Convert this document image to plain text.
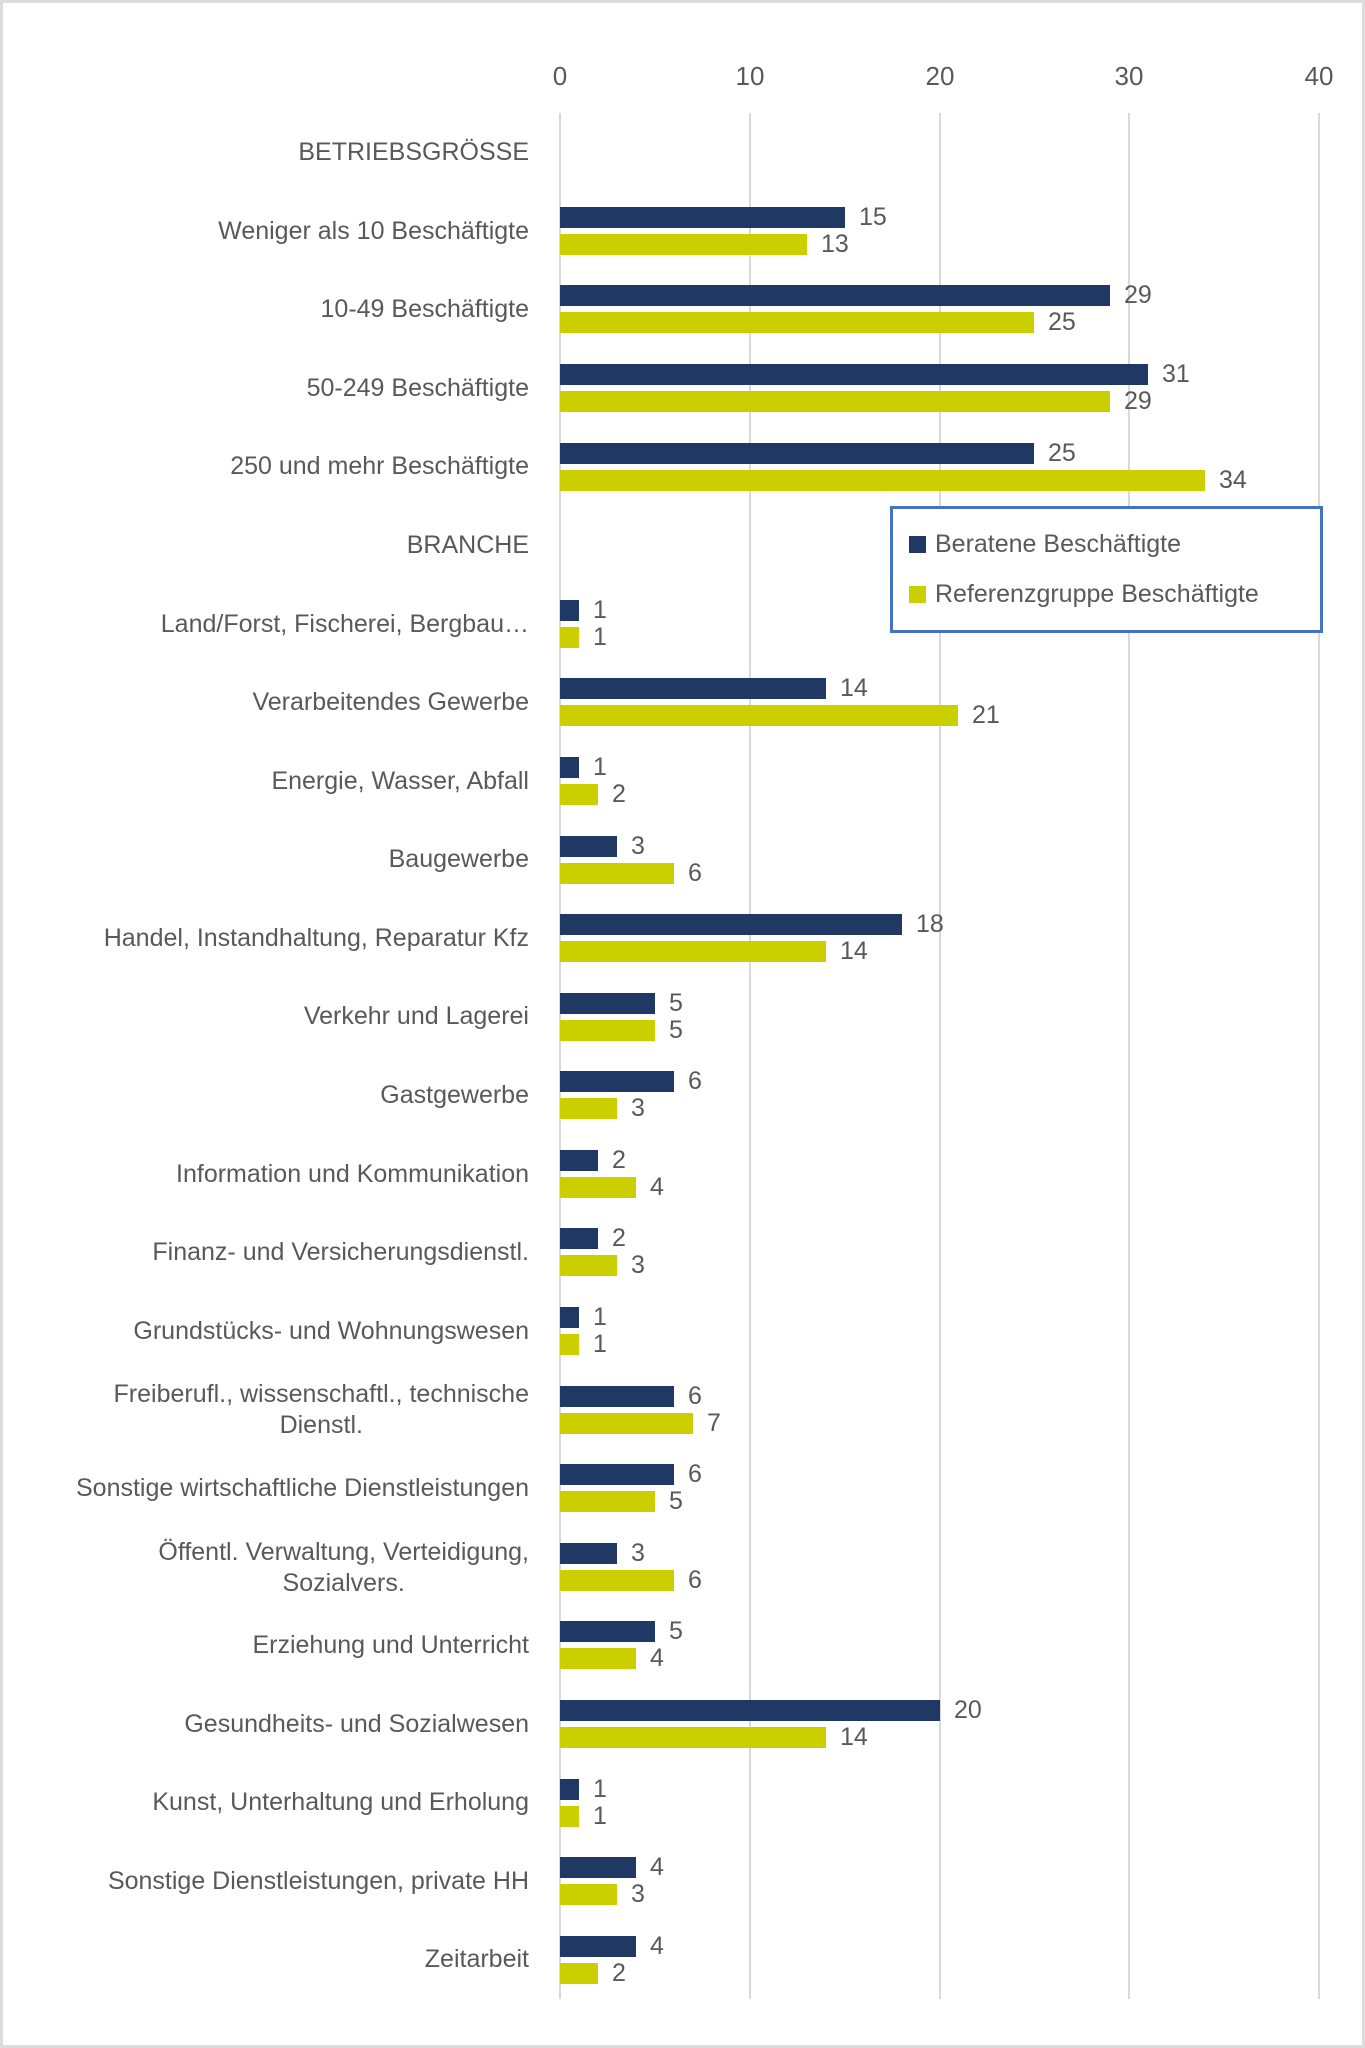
0	10	20	30	40
BETRIEBSGRÖSSE
Weniger als 10 Beschäftigte	15
13
10-49 Beschäftigte	29
25
50-249 Beschäftigte	31
29
250 und mehr Beschäftigte	25
34
BRANCHE
Land/Forst, Fischerei, Bergbau…	1
1
Verarbeitendes Gewerbe	14
21
Energie, Wasser, Abfall	1
2
Baugewerbe	3
6
Handel, Instandhaltung, Reparatur Kfz	18
14
Verkehr und Lagerei	5
5
Gastgewerbe	6
3
Information und Kommunikation	2
4
Finanz- und Versicherungsdienstl.	2
3
Grundstücks- und Wohnungswesen	1
1
Freiberufl., wissenschaftl., technische
Dienstl.
6
7
Sonstige wirtschaftliche Dienstleistungen	6
5
Öffentl. Verwaltung, Verteidigung,
Sozialvers.
3
6
Erziehung und Unterricht	5
4
Gesundheits- und Sozialwesen	20
14
Kunst, Unterhaltung und Erholung	1
1
Sonstige Dienstleistungen, private HH	4
3
Zeitarbeit	4
2
Beratene Beschäftigte
Referenzgruppe Beschäftigte
